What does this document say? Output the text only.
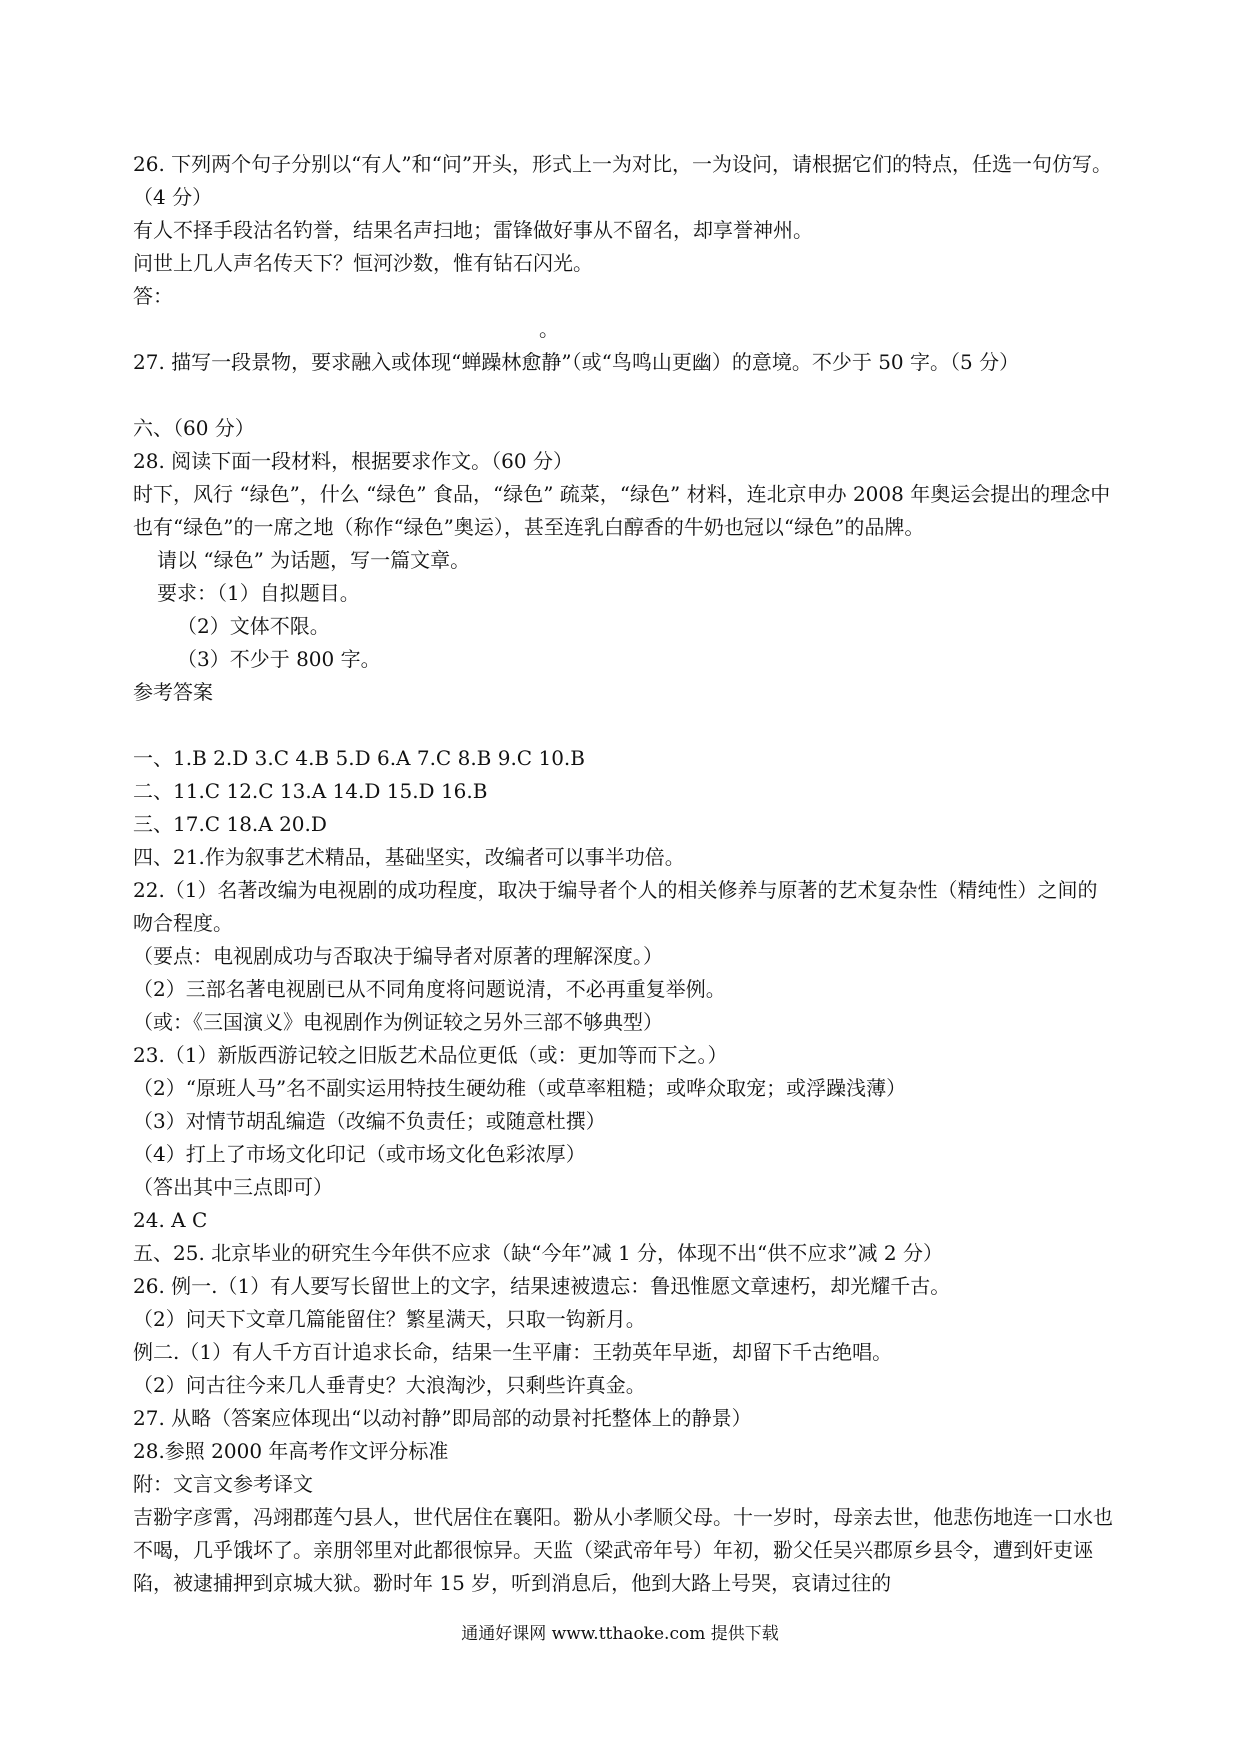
26. 下列两个句子分别以“有人”和“问”开头，形式上一为对比，一为设问，请根据它们的特点，任选一句仿写。（4 分）
有人不择手段沽名钓誉，结果名声扫地；雷锋做好事从不留名，却享誉神州。
问世上几人声名传天下？恒河沙数，惟有钻石闪光。
答：
。
27. 描写一段景物，要求融入或体现“蝉躁林愈静”（或“鸟鸣山更幽）的意境。不少于 50 字。（5 分）
六、（60 分）
28. 阅读下面一段材料，根据要求作文。（60 分）
时下，风行 “绿色”，什么 “绿色” 食品，“绿色” 疏菜，“绿色” 材料，连北京申办 2008 年奥运会提出的理念中也有“绿色”的一席之地（称作“绿色”奥运），甚至连乳白醇香的牛奶也冠以“绿色”的品牌。
请以 “绿色” 为话题，写一篇文章。
要求：（1）自拟题目。
（2）文体不限。
（3）不少于 800 字。
参考答案
一、1.B 2.D 3.C 4.B 5.D 6.A 7.C 8.B 9.C 10.B
二、11.C 12.C 13.A 14.D 15.D 16.B
三、17.C 18.A 20.D
四、21.作为叙事艺术精品，基础坚实，改编者可以事半功倍。
22.（1）名著改编为电视剧的成功程度，取决于编导者个人的相关修养与原著的艺术复杂性（精纯性）之间的吻合程度。
（要点：电视剧成功与否取决于编导者对原著的理解深度。）
（2）三部名著电视剧已从不同角度将问题说清，不必再重复举例。
（或：《三国演义》电视剧作为例证较之另外三部不够典型）
23.（1）新版西游记较之旧版艺术品位更低（或：更加等而下之。）
（2）“原班人马”名不副实运用特技生硬幼稚（或草率粗糙；或哗众取宠；或浮躁浅薄）
（3）对情节胡乱编造（改编不负责任；或随意杜撰）
（4）打上了市场文化印记（或市场文化色彩浓厚）
（答出其中三点即可）
24. A C
五、25. 北京毕业的研究生今年供不应求（缺“今年”减 1 分，体现不出“供不应求”减 2 分）
26. 例一.（1）有人要写长留世上的文字，结果速被遗忘：鲁迅惟愿文章速朽，却光耀千古。
（2）问天下文章几篇能留住？繁星满天，只取一钩新月。
例二.（1）有人千方百计追求长命，结果一生平庸：王勃英年早逝，却留下千古绝唱。
（2）问古往今来几人垂青史？大浪淘沙，只剩些许真金。
27. 从略（答案应体现出“以动衬静”即局部的动景衬托整体上的静景）
28.参照 2000 年高考作文评分标准
附：文言文参考译文
吉翂字彦霄，冯翊郡莲勺县人，世代居住在襄阳。翂从小孝顺父母。十一岁时，母亲去世，他悲伤地连一口水也不喝，几乎饿坏了。亲朋邻里对此都很惊异。天监（梁武帝年号）年初，翂父任吴兴郡原乡县令，遭到奸吏诬陷，被逮捕押到京城大狱。翂时年 15 岁，听到消息后，他到大路上号哭，哀请过往的
通通好课网 www.tthaoke.com 提供下载
